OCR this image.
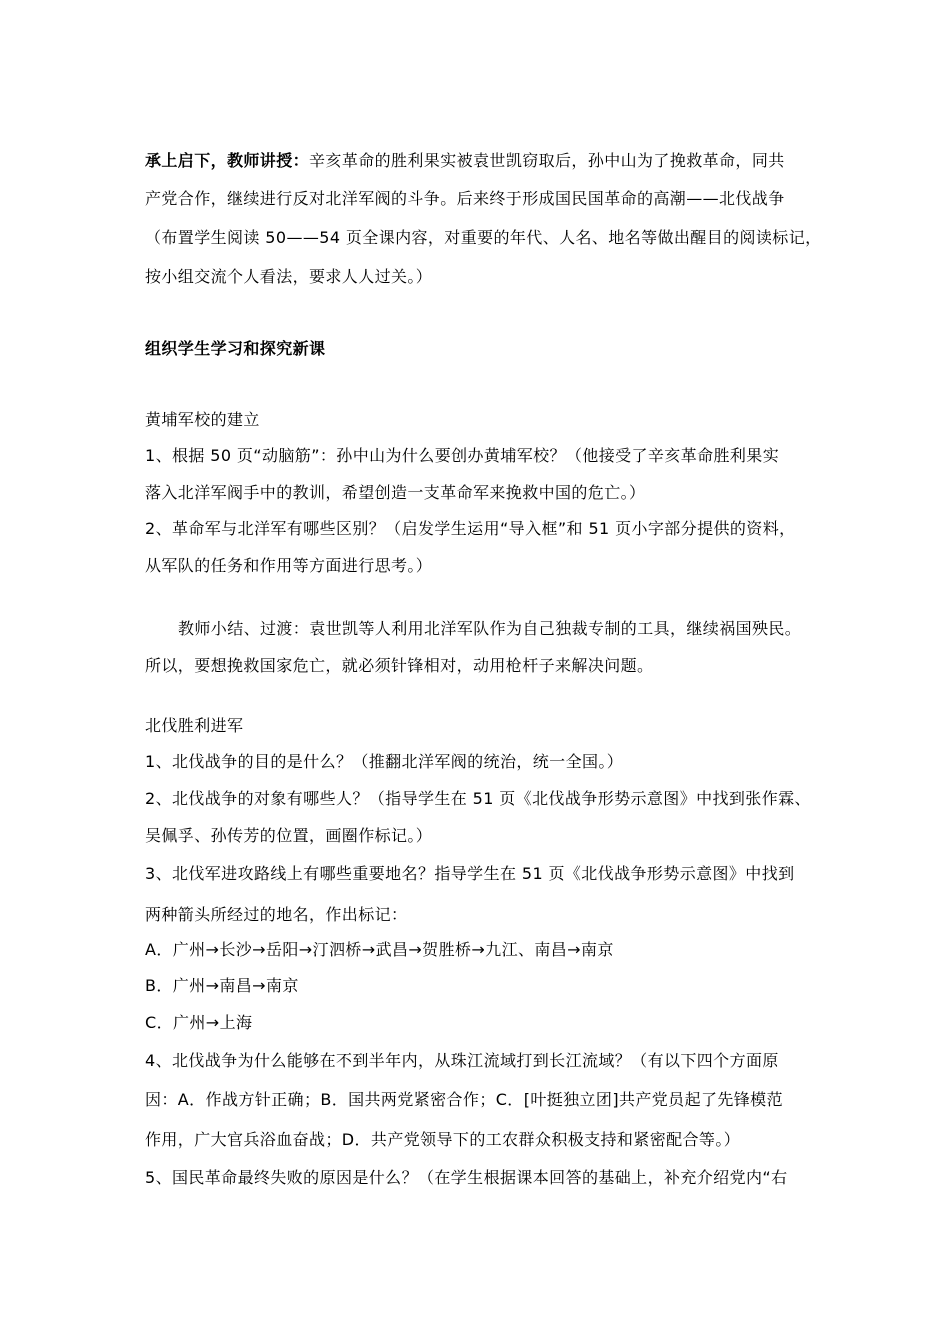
承上启下，教师讲授：辛亥革命的胜利果实被袁世凯窃取后，孙中山为了挽救革命，同共
产党合作，继续进行反对北洋军阀的斗争。后来终于形成国民国革命的高潮——北伐战争
（布置学生阅读 50——54 页全课内容，对重要的年代、人名、地名等做出醒目的阅读标记，
按小组交流个人看法，要求人人过关。）
组织学生学习和探究新课
黄埔军校的建立
1、根据 50 页“动脑筋”：孙中山为什么要创办黄埔军校？（他接受了辛亥革命胜利果实
落入北洋军阀手中的教训，希望创造一支革命军来挽救中国的危亡。）
2、革命军与北洋军有哪些区别？（启发学生运用“导入框”和 51 页小字部分提供的资料，
从军队的任务和作用等方面进行思考。）
教师小结、过渡：袁世凯等人利用北洋军队作为自己独裁专制的工具，继续祸国殃民。
所以，要想挽救国家危亡，就必须针锋相对，动用枪杆子来解决问题。
北伐胜利进军
1、北伐战争的目的是什么？（推翻北洋军阀的统治，统一全国。）
2、北伐战争的对象有哪些人？（指导学生在 51 页《北伐战争形势示意图》中找到张作霖、
吴佩孚、孙传芳的位置，画圈作标记。）
3、北伐军进攻路线上有哪些重要地名？指导学生在 51 页《北伐战争形势示意图》中找到
两种箭头所经过的地名，作出标记：
A．广州→长沙→岳阳→汀泗桥→武昌→贺胜桥→九江、南昌→南京
B．广州→南昌→南京
C．广州→上海
4、北伐战争为什么能够在不到半年内，从珠江流域打到长江流域？（有以下四个方面原
因：A．作战方针正确；B．国共两党紧密合作；C．[叶挺独立团]共产党员起了先锋模范
作用，广大官兵浴血奋战；D．共产党领导下的工农群众积极支持和紧密配合等。）
5、国民革命最终失败的原因是什么？（在学生根据课本回答的基础上，补充介绍党内“右
